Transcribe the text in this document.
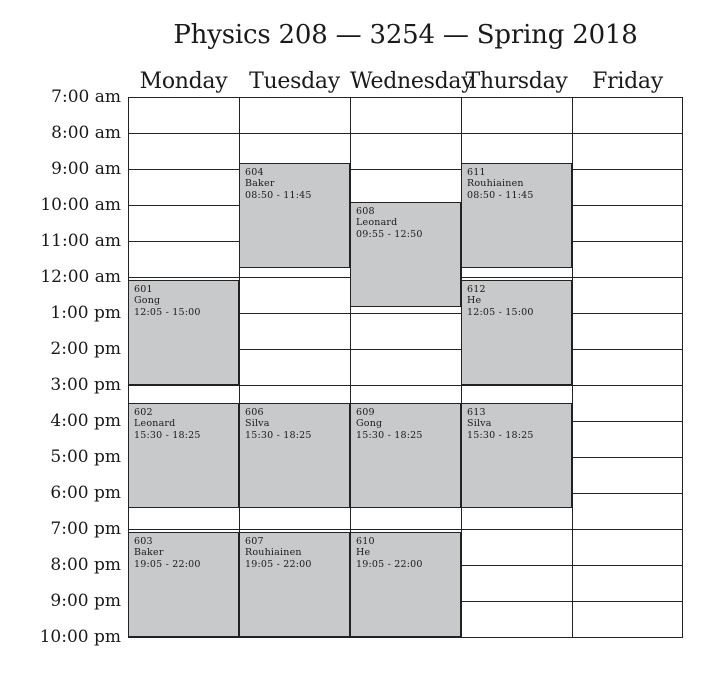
Physics 208 — 3254 — Spring 2018
Monday Tuesday Wednesday
Thursday	Friday
7:00 am
8:00 am
9:00 am
10:00 am
11:00 am
12:00 am
1:00 pm
2:00 pm
3:00 pm
4:00 pm
5:00 pm
6:00 pm
7:00 pm
8:00 pm
9:00 pm
10:00 pm
601
Gong
12:05 - 15:00
602
Leonard
15:30 - 18:25
603
Baker
19:05 - 22:00
604
Baker
08:50 - 11:45
606
Silva
15:30 - 18:25
607
Rouhiainen
19:05 - 22:00
608
Leonard
09:55 - 12:50
609
Gong
15:30 - 18:25
610
He
19:05 - 22:00
611
Rouhiainen
08:50 - 11:45
612
He
12:05 - 15:00
613
Silva
15:30 - 18:25
